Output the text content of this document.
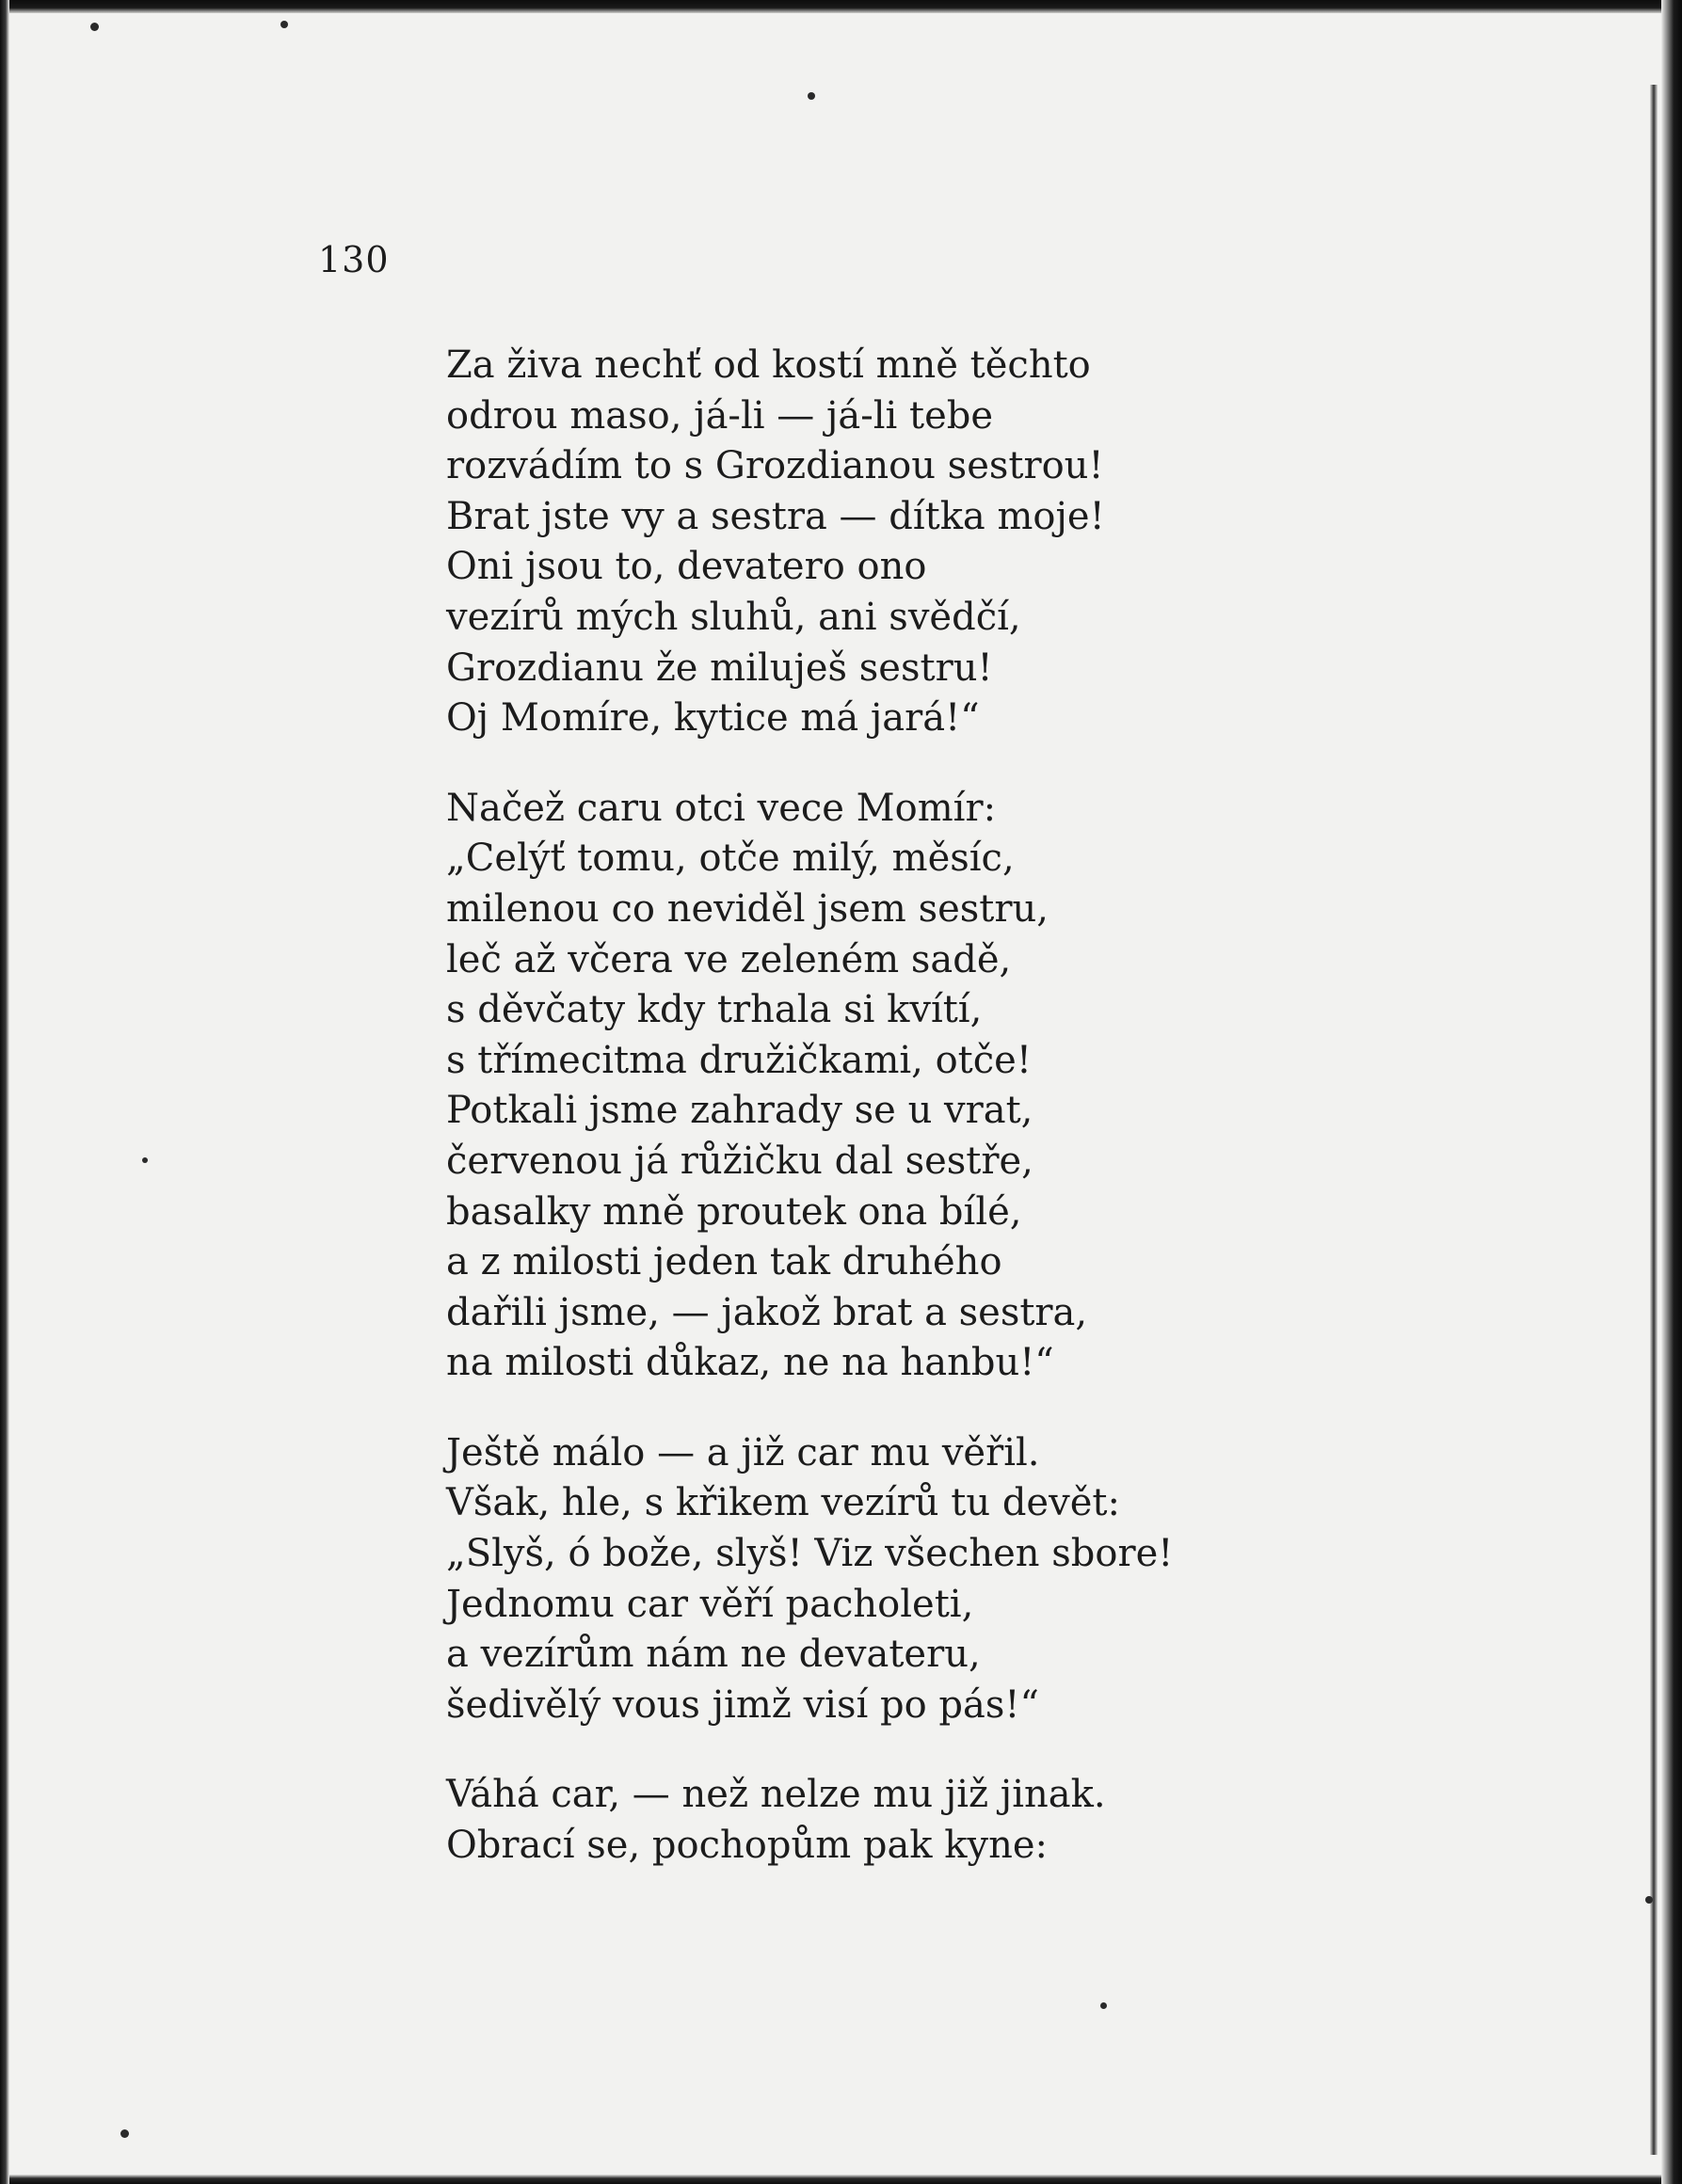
130
Za živa nechť od kostí mně těchto
odrou maso, já-li — já-li tebe
rozvádím to s Grozdianou sestrou!
Brat jste vy a sestra — dítka moje!
Oni jsou to, devatero ono
vezírů mých sluhů, ani svědčí,
Grozdianu že miluješ sestru!
Oj Momíre, kytice má jará!“
Načež caru otci vece Momír:
„Celýť tomu, otče milý, měsíc,
milenou co neviděl jsem sestru,
leč až včera ve zeleném sadě,
s děvčaty kdy trhala si kvítí,
s třímecitma družičkami, otče!
Potkali jsme zahrady se u vrat,
červenou já růžičku dal sestře,
basalky mně proutek ona bílé,
a z milosti jeden tak druhého
dařili jsme, — jakož brat a sestra,
na milosti důkaz, ne na hanbu!“
Ještě málo — a již car mu věřil.
Však, hle, s křikem vezírů tu devět:
„Slyš, ó bože, slyš! Viz všechen sbore!
Jednomu car věří pacholeti,
a vezírům nám ne devateru,
šedivělý vous jimž visí po pás!“
Váhá car, — než nelze mu již jinak.
Obrací se, pochopům pak kyne:
